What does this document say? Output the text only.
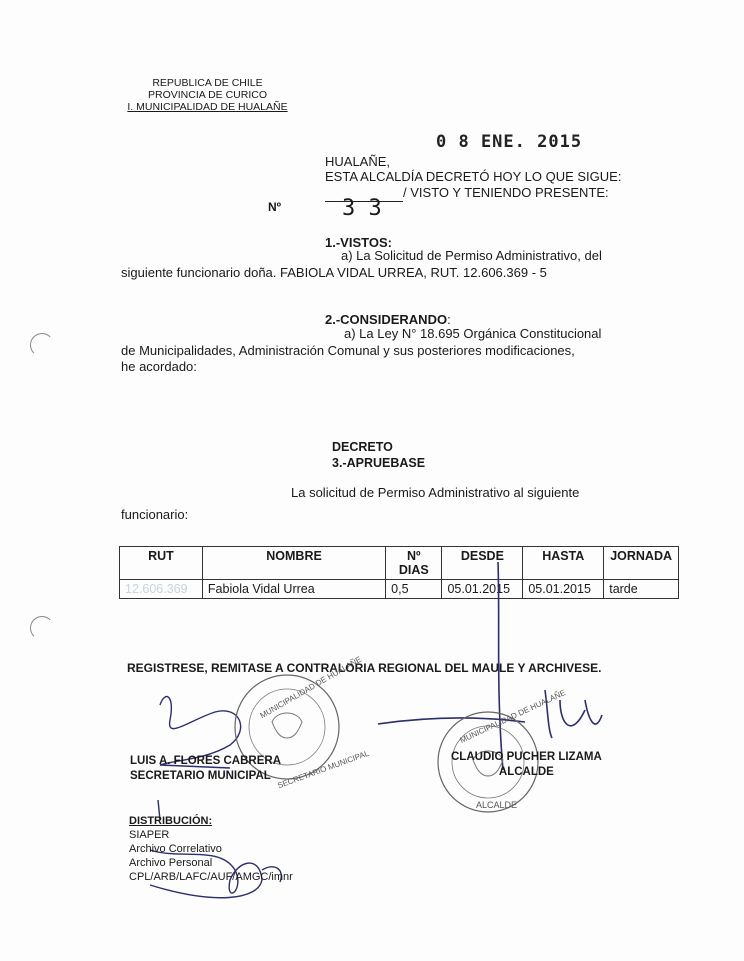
REPUBLICA DE CHILE
PROVINCIA DE CURICO
I. MUNICIPALIDAD DE HUALAÑE
0 8 ENE. 2015
HUALAÑE,
ESTA ALCALDÍA DECRETÓ HOY LO QUE SIGUE:
/ VISTO Y TENIENDO PRESENTE:
Nº	3 3
1.-VISTOS:
a) La Solicitud de Permiso Administrativo, del
siguiente funcionario doña. FABIOLA VIDAL URREA, RUT. 12.606.369 - 5
2.-CONSIDERANDO:
a) La Ley N° 18.695 Orgánica Constitucional
de Municipalidades, Administración Comunal y sus posteriores modificaciones,
he acordado:
DECRETO
3.-APRUEBASE
La solicitud de Permiso Administrativo al siguiente
funcionario:
RUT	NOMBRE	Nº DIAS	DESDE	HASTA	JORNADA
12.606.369	Fabiola Vidal Urrea	0,5	05.01.2015	05.01.2015	tarde
REGISTRESE, REMITASE A CONTRALORIA REGIONAL DEL MAULE Y ARCHIVESE.
MUNICIPALIDAD DE HUALAÑE
SECRETARIO MUNICIPAL
MUNICIPALIDAD DE HUALAÑE
ALCALDE
LUIS A. FLORES CABRERA
SECRETARIO MUNICIPAL
CLAUDIO PUCHER LIZAMA
ALCALDE
DISTRIBUCIÓN:
SIAPER
Archivo Correlativo
Archivo Personal
CPL/ARB/LAFC/AUF/AMGC/imnr
